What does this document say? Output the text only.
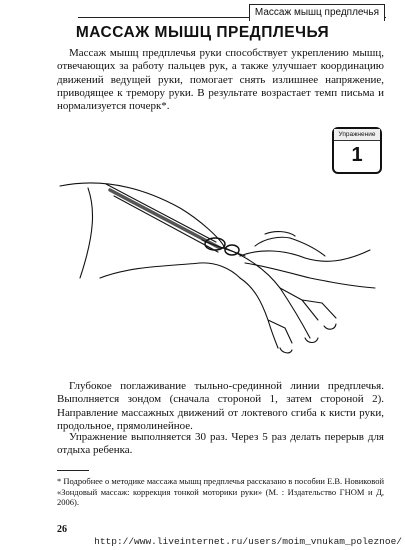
Массаж мышц предплечья
МАССАЖ МЫШЦ ПРЕДПЛЕЧЬЯ

Массаж мышц предплечья руки способствует укреплению мышц, отвечающих за работу пальцев рук, а также улучшает координацию движений ведущей руки, помогает снять излишнее напряжение, приводящее к тремору руки. В результате возрастает темп письма и нормализуется почерк*.

Упражнение
1

Глубокое поглаживание тыльно-срединной линии предплечья. Выполняется зондом (сначала стороной 1, затем стороной 2). Направление массажных движений от локтевого сгиба к кисти руки, продольное, прямолинейное.

Упражнение выполняется 30 раз. Через 5 раз делать перерыв для отдыха ребенка.

* Подробнее о методике массажа мышц предплечья рассказано в пособии Е.В. Новиковой «Зондовый массаж: коррекция тонкой моторики руки» (М. : Издательство ГНОМ и Д, 2006).

26
http://www.liveinternet.ru/users/moim_vnukam_poleznoe/
